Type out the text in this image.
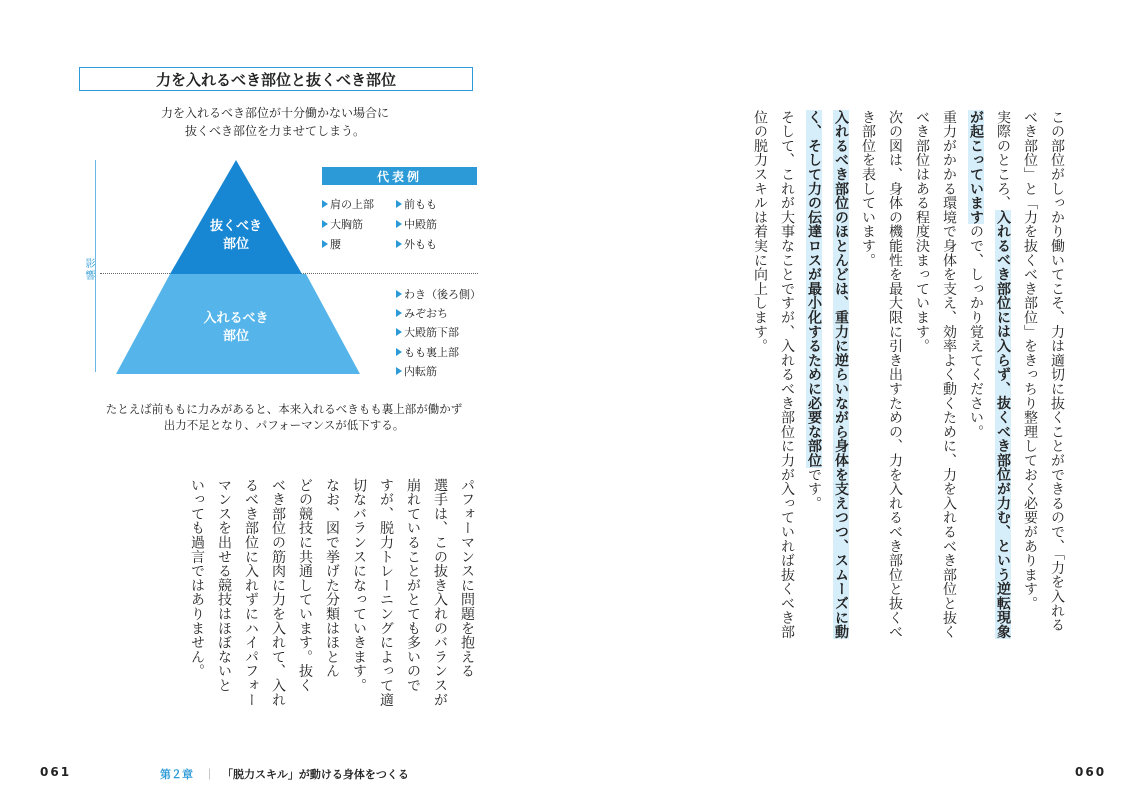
力を入れるべき部位と抜くべき部位
力を入れるべき部位が十分働かない場合に
抜くべき部位を力ませてしまう。
影響
抜くべき
部位
入れるべき
部位
代表例
肩の上部
大胸筋
腰
前もも
中殿筋
外もも
わき（後ろ側）
みぞおち
大殿筋下部
もも裏上部
内転筋
たとえば前ももに力みがあると、本来入れるべきもも裏上部が働かず
出力不足となり、パフォーマンスが低下する。
パフォーマンスに問題を抱える
選手は、この抜き入れのバランスが
崩れていることがとても多いので
すが、脱力トレーニングによって適
切なバランスになっていきます。
なお、図で挙げた分類はほとん
どの競技に共通しています。抜く
べき部位の筋肉に力を入れて、入れ
るべき部位に入れずにハイパフォー
マンスを出せる競技はほぼないと
いっても過言ではありません。
061	第２章 ｜ 「脱力スキル」が動ける身体をつくる
この部位がしっかり働いてこそ、力は適切に抜くことができるので、「力を入れる
べき部位」と「力を抜くべき部位」をきっちり整理しておく必要があります。
実際のところ、入れるべき部位には入らず、抜くべき部位が力む、という逆転現象
が起こっていますので、しっかり覚えてください。
重力がかかる環境で身体を支え、効率よく動くために、力を入れるべき部位と抜く
べき部位はある程度決まっています。
次の図は、身体の機能性を最大限に引き出すための、力を入れるべき部位と抜くべ
き部位を表しています。
入れるべき部位のほとんどは、重力に逆らいながら身体を支えつつ、スムーズに動
く、そして力の伝達ロスが最小化するために必要な部位です。
そして、これが大事なことですが、入れるべき部位に力が入っていれば抜くべき部
位の脱力スキルは着実に向上します。
060
